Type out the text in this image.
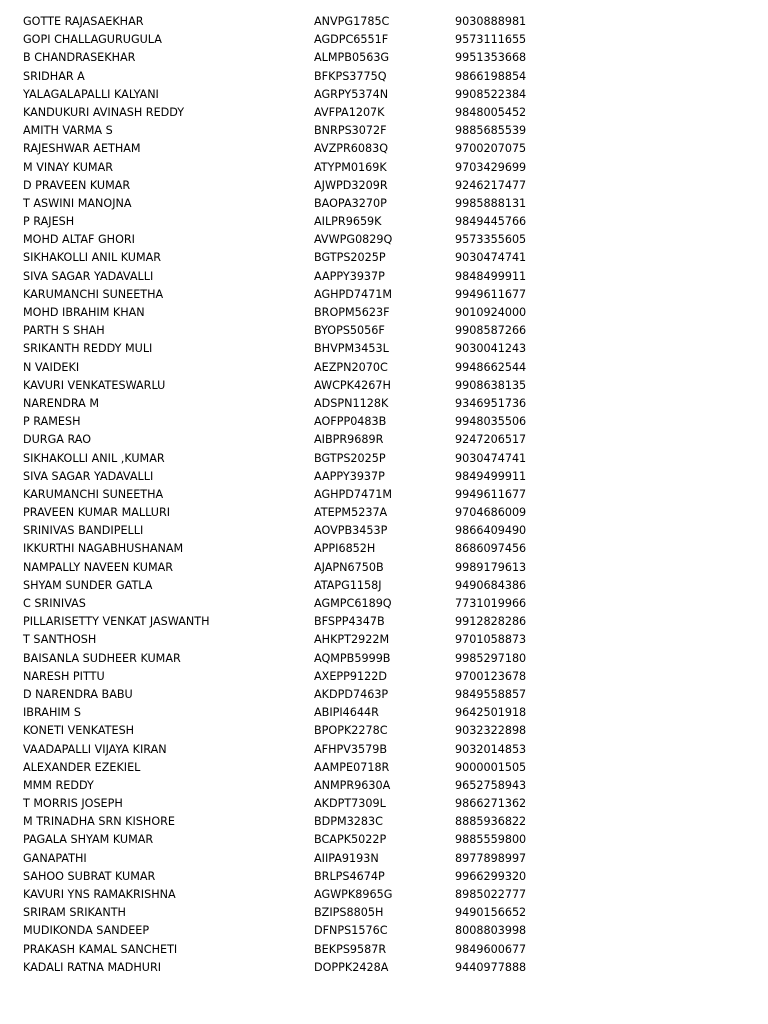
GOTTE RAJASAEKHAR	ANVPG1785C	9030888981
GOPI CHALLAGURUGULA	AGDPC6551F	9573111655
B CHANDRASEKHAR	ALMPB0563G	9951353668
SRIDHAR A	BFKPS3775Q	9866198854
YALAGALAPALLI KALYANI	AGRPY5374N	9908522384
KANDUKURI AVINASH REDDY	AVFPA1207K	9848005452
AMITH VARMA S	BNRPS3072F	9885685539
RAJESHWAR AETHAM	AVZPR6083Q	9700207075
M VINAY KUMAR	ATYPM0169K	9703429699
D PRAVEEN KUMAR	AJWPD3209R	9246217477
T ASWINI MANOJNA	BAOPA3270P	9985888131
P RAJESH	AILPR9659K	9849445766
MOHD ALTAF GHORI	AVWPG0829Q	9573355605
SIKHAKOLLI ANIL KUMAR	BGTPS2025P	9030474741
SIVA SAGAR YADAVALLI	AAPPY3937P	9848499911
KARUMANCHI SUNEETHA	AGHPD7471M	9949611677
MOHD IBRAHIM KHAN	BROPM5623F	9010924000
PARTH S SHAH	BYOPS5056F	9908587266
SRIKANTH REDDY MULI	BHVPM3453L	9030041243
N VAIDEKI	AEZPN2070C	9948662544
KAVURI VENKATESWARLU	AWCPK4267H	9908638135
NARENDRA M	ADSPN1128K	9346951736
P RAMESH	AOFPP0483B	9948035506
DURGA RAO	AIBPR9689R	9247206517
SIKHAKOLLI ANIL ,KUMAR	BGTPS2025P	9030474741
SIVA SAGAR YADAVALLI	AAPPY3937P	9849499911
KARUMANCHI SUNEETHA	AGHPD7471M	9949611677
PRAVEEN KUMAR MALLURI	ATEPM5237A	9704686009
SRINIVAS BANDIPELLI	AOVPB3453P	9866409490
IKKURTHI NAGABHUSHANAM	APPI6852H	8686097456
NAMPALLY NAVEEN KUMAR	AJAPN6750B	9989179613
SHYAM SUNDER GATLA	ATAPG1158J	9490684386
C SRINIVAS	AGMPC6189Q	7731019966
PILLARISETTY VENKAT JASWANTH	BFSPP4347B	9912828286
T SANTHOSH	AHKPT2922M	9701058873
BAISANLA SUDHEER KUMAR	AQMPB5999B	9985297180
NARESH PITTU	AXEPP9122D	9700123678
D NARENDRA BABU	AKDPD7463P	9849558857
IBRAHIM S	ABIPI4644R	9642501918
KONETI VENKATESH	BPOPK2278C	9032322898
VAADAPALLI VIJAYA KIRAN	AFHPV3579B	9032014853
ALEXANDER EZEKIEL	AAMPE0718R	9000001505
MMM REDDY	ANMPR9630A	9652758943
T MORRIS JOSEPH	AKDPT7309L	9866271362
M TRINADHA SRN KISHORE	BDPM3283C	8885936822
PAGALA SHYAM KUMAR	BCAPK5022P	9885559800
GANAPATHI	AIIPA9193N	8977898997
SAHOO SUBRAT KUMAR	BRLPS4674P	9966299320
KAVURI YNS RAMAKRISHNA	AGWPK8965G	8985022777
SRIRAM SRIKANTH	BZIPS8805H	9490156652
MUDIKONDA SANDEEP	DFNPS1576C	8008803998
PRAKASH KAMAL SANCHETI	BEKPS9587R	9849600677
KADALI RATNA MADHURI	DOPPK2428A	9440977888
